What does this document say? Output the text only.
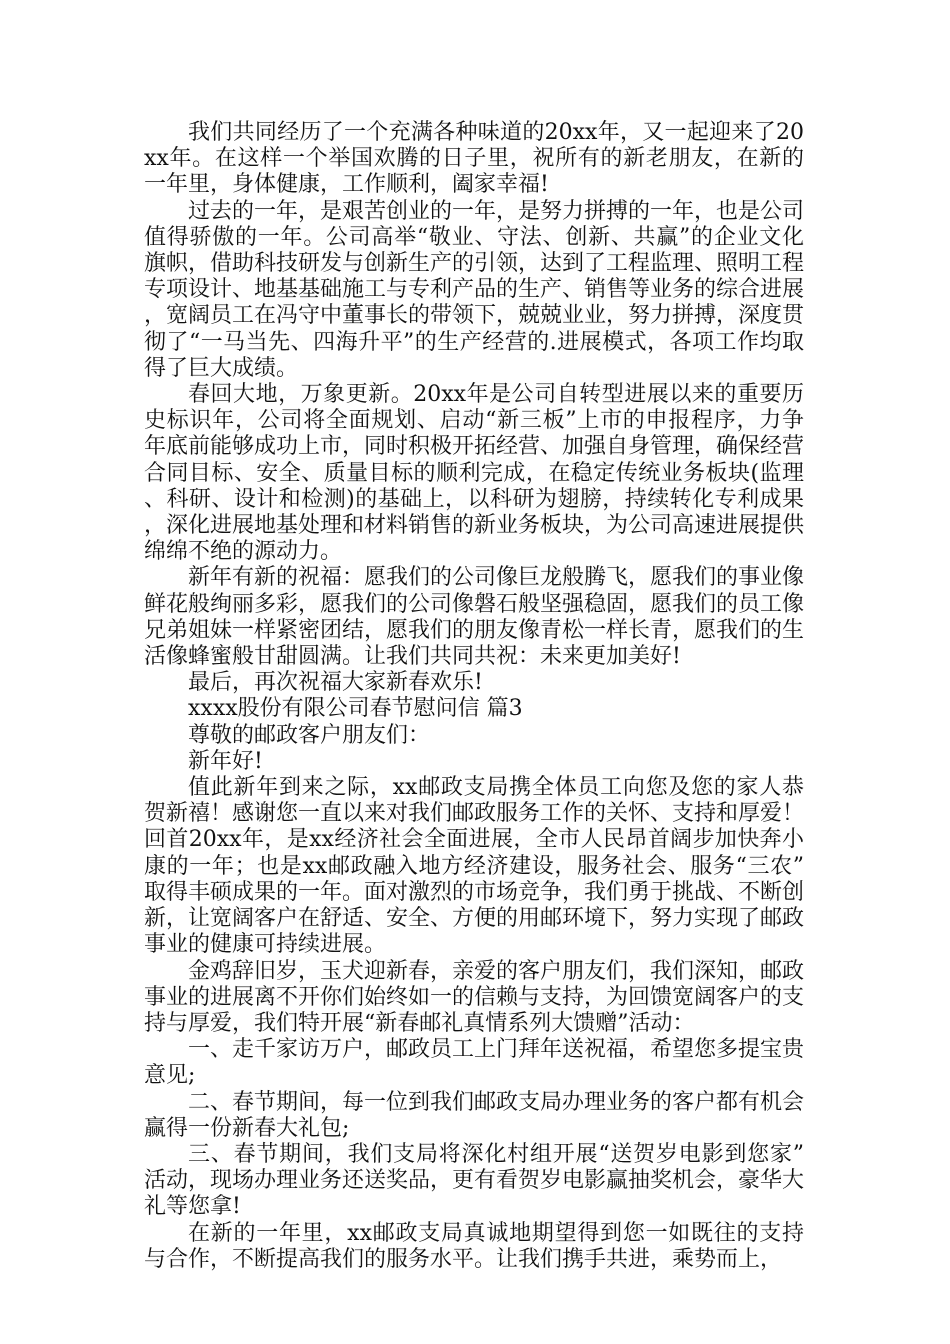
我们共同经历了一个充满各种味道的20xx年，又一起迎来了20xx年。在这样一个举国欢腾的日子里，祝所有的新老朋友，在新的一年里，身体健康，工作顺利，阖家幸福!

过去的一年，是艰苦创业的一年，是努力拼搏的一年，也是公司值得骄傲的一年。公司高举“敬业、守法、创新、共赢”的企业文化旗帜，借助科技研发与创新生产的引领，达到了工程监理、照明工程专项设计、地基基础施工与专利产品的生产、销售等业务的综合进展，宽阔员工在冯守中董事长的带领下，兢兢业业，努力拼搏，深度贯彻了“一马当先、四海升平”的生产经营的.进展模式，各项工作均取得了巨大成绩。

春回大地，万象更新。20xx年是公司自转型进展以来的重要历史标识年，公司将全面规划、启动“新三板”上市的申报程序，力争年底前能够成功上市，同时积极开拓经营、加强自身管理，确保经营合同目标、安全、质量目标的顺利完成，在稳定传统业务板块(监理、科研、设计和检测)的基础上，以科研为翅膀，持续转化专利成果，深化进展地基处理和材料销售的新业务板块，为公司高速进展提供绵绵不绝的源动力。

新年有新的祝福：愿我们的公司像巨龙般腾飞，愿我们的事业像鲜花般绚丽多彩，愿我们的公司像磐石般坚强稳固，愿我们的员工像兄弟姐妹一样紧密团结，愿我们的朋友像青松一样长青，愿我们的生活像蜂蜜般甘甜圆满。让我们共同共祝：未来更加美好!

最后，再次祝福大家新春欢乐!

xxxx股份有限公司春节慰问信 篇3

尊敬的邮政客户朋友们：

新年好!

值此新年到来之际，xx邮政支局携全体员工向您及您的家人恭贺新禧！感谢您一直以来对我们邮政服务工作的关怀、支持和厚爱！回首20xx年，是xx经济社会全面进展，全市人民昂首阔步加快奔小康的一年；也是xx邮政融入地方经济建设，服务社会、服务“三农”取得丰硕成果的一年。面对激烈的市场竞争，我们勇于挑战、不断创新，让宽阔客户在舒适、安全、方便的用邮环境下，努力实现了邮政事业的健康可持续进展。

金鸡辞旧岁，玉犬迎新春，亲爱的客户朋友们，我们深知，邮政事业的进展离不开你们始终如一的信赖与支持，为回馈宽阔客户的支持与厚爱，我们特开展“新春邮礼真情系列大馈赠”活动：

一、走千家访万户，邮政员工上门拜年送祝福，希望您多提宝贵意见;

二、春节期间，每一位到我们邮政支局办理业务的客户都有机会赢得一份新春大礼包;

三、春节期间，我们支局将深化村组开展“送贺岁电影到您家”活动，现场办理业务还送奖品，更有看贺岁电影赢抽奖机会，豪华大礼等您拿!

在新的一年里，xx邮政支局真诚地期望得到您一如既往的支持与合作，不断提高我们的服务水平。让我们携手共进，乘势而上，
